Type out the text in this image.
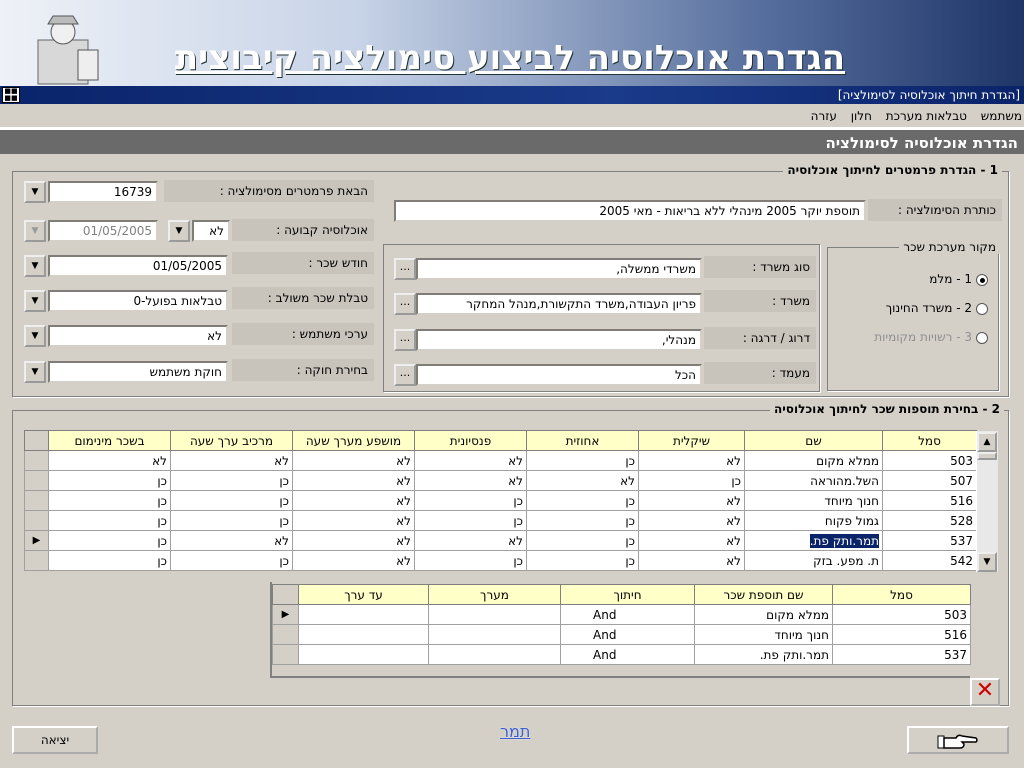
הגדרת אוכלוסיה לביצוע סימולציה קיבוצית
[הגדרת חיתוך אוכלוסיה לסימולציה]
■■
■■
משתמש טבלאות מערכת חלון עזרה
הגדרת אוכלוסיה לסימולציה
1 - הגדרת פרמטרים לחיתוך אוכלוסיה
כותרת הסימולציה :
תוספת יוקר 2005 מינהלי ללא בריאות - מאי 2005
הבאת פרמטרים מסימולציה :
16739
▼
אוכלוסיה קבועה :
לא
▼
01/05/2005
▼
חודש שכר :
01/05/2005
▼
טבלת שכר משולב :
טבלאות בפועל-0
▼
ערכי משתמש :
לא
▼
בחירת חוקה :
חוקת משתמש
▼
סוג משרד :
משרדי ממשלה,
...
משרד :
פריון העבודה,משרד התקשורת,מנהל המחקר
...
דרוג / דרגה :
מנהלי,
...
מעמד :
הכל
...
מקור מערכת שכר
1 - מלמ
2 - משרד החינוך
3 - רשויות מקומיות
2 - בחירת תוספות שכר לחיתוך אוכלוסיה
	בשכר מינימום	מרכיב ערך שעה	מושפע מערך שעה	פנסיונית	אחוזית	שיקלית	שם	סמל
	לא	לא	לא	לא	כן	לא	ממלא מקום	503
	כן	כן	לא	לא	לא	כן	השל.מהוראה	507
	כן	כן	לא	כן	כן	לא	חנוך מיוחד	516
	כן	כן	לא	כן	כן	לא	גמול פקוח	528
▶	כן	לא	לא	לא	כן	לא	תמר.ותק פת.	537
	כן	כן	לא	כן	כן	לא	ת. מפע. בזק	542
▲
▼
	עד ערך	מערך	חיתוך	שם תוספת שכר	סמל
▶			And	ממלא מקום	503
			And	חנוך מיוחד	516
			And	תמר.ותק פת.	537
✕
יציאה	תמר
